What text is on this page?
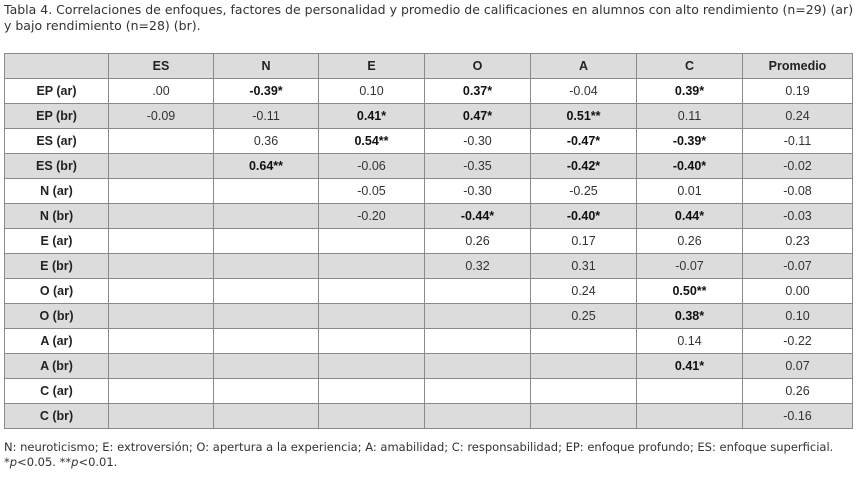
Tabla 4. Correlaciones de enfoques, factores de personalidad y promedio de calificaciones en alumnos con alto rendimiento (n=29) (ar) y bajo rendimiento (n=28) (br).

	ES	N	E	O	A	C	Promedio
EP (ar)	.00	-0.39*	0.10	0.37*	-0.04	0.39*	0.19
EP (br)	-0.09	-0.11	0.41*	0.47*	0.51**	0.11	0.24
ES (ar)		0.36	0.54**	-0.30	-0.47*	-0.39*	-0.11
ES (br)		0.64**	-0.06	-0.35	-0.42*	-0.40*	-0.02
N (ar)			-0.05	-0.30	-0.25	0.01	-0.08
N (br)			-0.20	-0.44*	-0.40*	0.44*	-0.03
E (ar)				0.26	0.17	0.26	0.23
E (br)				0.32	0.31	-0.07	-0.07
O (ar)					0.24	0.50**	0.00
O (br)					0.25	0.38*	0.10
A (ar)						0.14	-0.22
A (br)						0.41*	0.07
C (ar)							0.26
C (br)							-0.16

N: neuroticismo; E: extroversión; O: apertura a la experiencia; A: amabilidad; C: responsabilidad; EP: enfoque profundo; ES: enfoque superficial.
*p<0.05. **p<0.01.
